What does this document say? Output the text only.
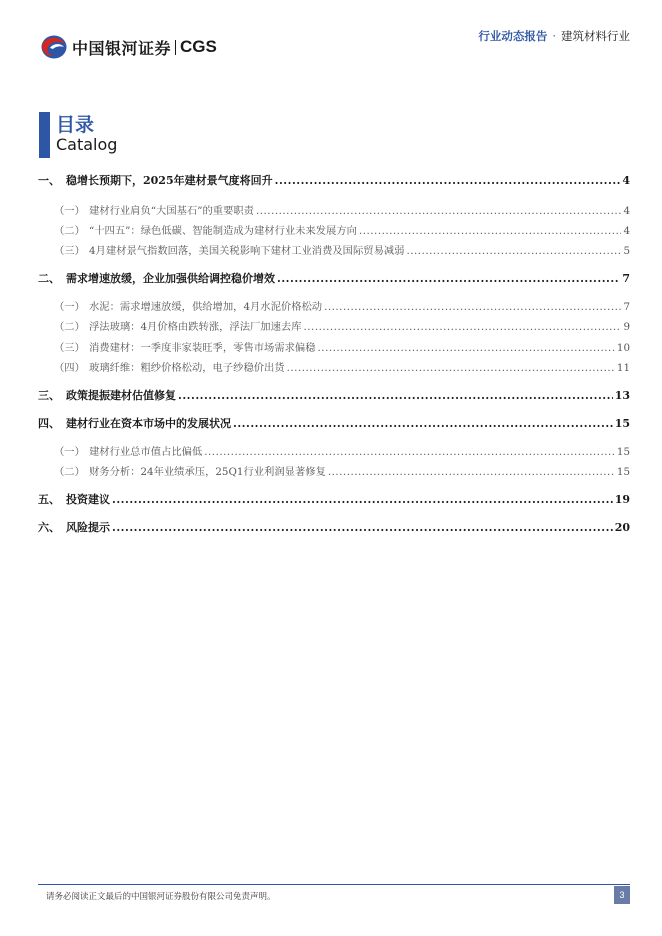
中国银河证券 CGS
行业动态报告 · 建筑材料行业
目录
Catalog
一、 稳增长预期下，2025年建材景气度将回升 .....	4
（一） 建材行业肩负“大国基石”的重要职责 .....	4
（二） “十四五”：绿色低碳、智能制造成为建材行业未来发展方向 .....	4
（三） 4月建材景气指数回落，美国关税影响下建材工业消费及国际贸易减弱 .....	5
二、 需求增速放缓，企业加强供给调控稳价增效 .....	7
（一） 水泥：需求增速放缓，供给增加，4月水泥价格松动 .....	7
（二） 浮法玻璃：4月价格由跌转涨，浮法厂加速去库 .....	9
（三） 消费建材：一季度非家装旺季，零售市场需求偏稳 .....	10
（四） 玻璃纤维：粗纱价格松动，电子纱稳价出货 .....	11
三、 政策提振建材估值修复 .....	13
四、 建材行业在资本市场中的发展状况 .....	15
（一） 建材行业总市值占比偏低 .....	15
（二） 财务分析：24年业绩承压，25Q1行业利润显著修复 .....	15
五、 投资建议 .....	19
六、 风险提示 .....	20
请务必阅读正文最后的中国银河证券股份有限公司免责声明。	3
